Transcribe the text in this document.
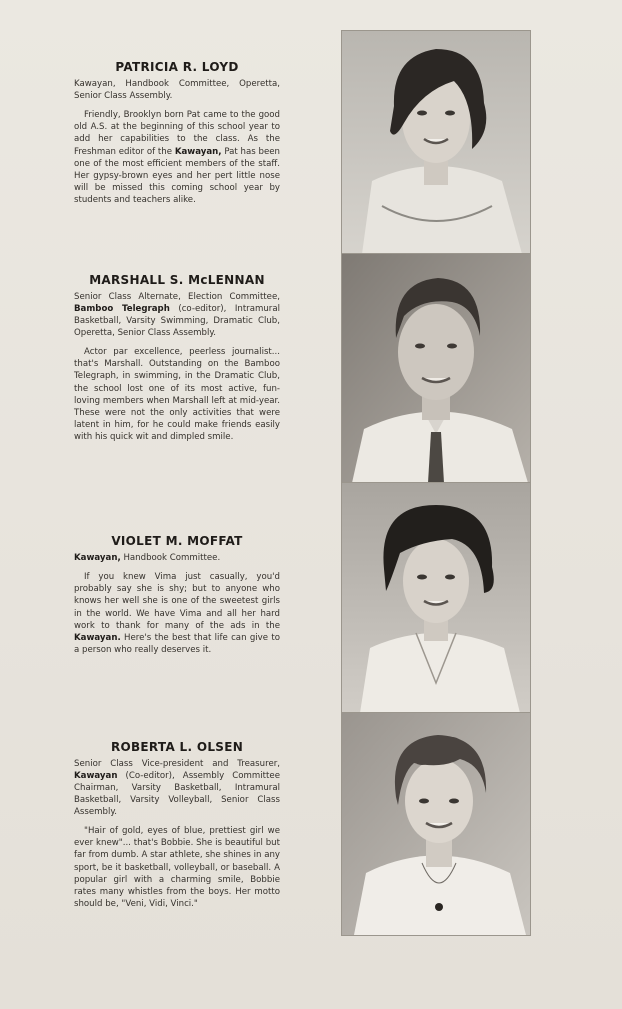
PATRICIA R. LOYD

Kawayan, Handbook Committee, Operetta, Senior Class Assembly.

Friendly, Brooklyn born Pat came to the good old A.S. at the beginning of this school year to add her capabilities to the class. As the Freshman editor of the Kawayan, Pat has been one of the most efficient members of the staff. Her gypsy-brown eyes and her pert little nose will be missed this coming school year by students and teachers alike.

MARSHALL S. McLENNAN

Senior Class Alternate, Election Committee, Bamboo Telegraph (co-editor), Intramural Basketball, Varsity Swimming, Dramatic Club, Operetta, Senior Class Assembly.

Actor par excellence, peerless journalist... that's Marshall. Outstanding on the Bamboo Telegraph, in swimming, in the Dramatic Club, the school lost one of its most active, fun-loving members when Marshall left at mid-year. These were not the only activities that were latent in him, for he could make friends easily with his quick wit and dimpled smile.

VIOLET M. MOFFAT

Kawayan, Handbook Committee.

If you knew Vima just casually, you'd probably say she is shy; but to anyone who knows her well she is one of the sweetest girls in the world. We have Vima and all her hard work to thank for many of the ads in the Kawayan. Here's the best that life can give to a person who really deserves it.

ROBERTA L. OLSEN

Senior Class Vice-president and Treasurer, Kawayan (Co-editor), Assembly Committee Chairman, Varsity Basketball, Intramural Basketball, Varsity Volleyball, Senior Class Assembly.

"Hair of gold, eyes of blue, prettiest girl we ever knew"... that's Bobbie. She is beautiful but far from dumb. A star athlete, she shines in any sport, be it basketball, volleyball, or baseball. A popular girl with a charming smile, Bobbie rates many whistles from the boys. Her motto should be, "Veni, Vidi, Vinci."
